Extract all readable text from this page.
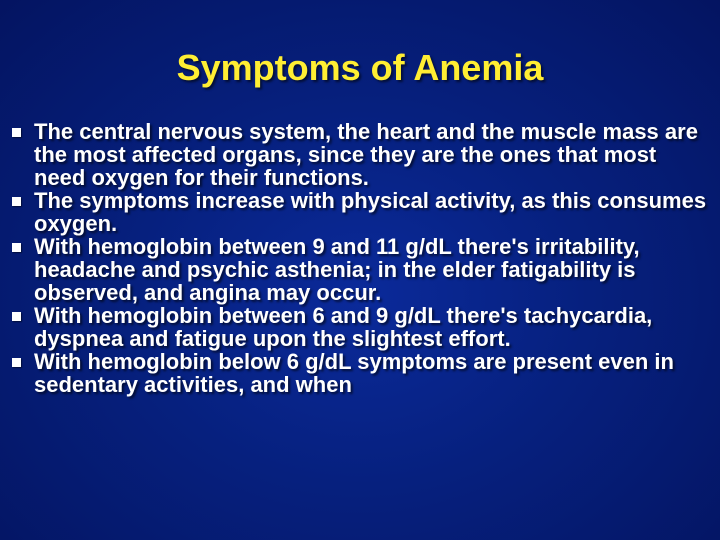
Symptoms of Anemia
The central nervous system, the heart and the muscle mass are the most affected organs, since they are the ones that most need oxygen for their functions.
The symptoms increase with physical activity, as this consumes oxygen.
With hemoglobin between 9 and 11 g/dL there's irritability, headache and psychic asthenia; in the elder fatigability is observed, and angina may occur.
With hemoglobin between 6 and 9 g/dL there's tachycardia, dyspnea and fatigue upon the slightest effort.
With hemoglobin below 6 g/dL symptoms are present even in sedentary activities, and when
